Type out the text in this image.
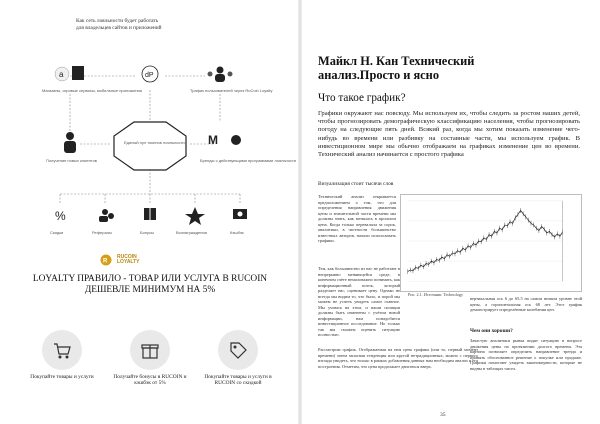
Как сеть лояльности будет работать для владельцев сайтов и приложений
a	dP
Магазины, игровые сервисы, мобильные приложения	Трафик пользователей через RuCoin Loyalty
Единый пул токенов лояльности
Получение новых клиентов
M
Бренды с действующими программами лояльности
%
Скидки	Рефералы	Бонусы	Вознаграждения	Кэшбэк
R
RUCOIN
LOYALTY
LOYALTY ПРАВИЛО - ТОВАР ИЛИ УСЛУГА В RUCOIN ДЕШЕВЛЕ МИНИМУМ НА 5%
Покупайте товары и услуги	Получайте бонусы в RUCOIN и кэшбэк от 5%
Покупайте товары и услуги в RUCOIN со скидкой
Майкл Н. Кан Технический анализ.Просто и ясно
Что такое график?
Графики окружают нас повсюду. Мы используем их, чтобы следить за ростом наших детей, чтобы прогнозировать демографическую классификацию населения, чтобы прогнозировать погоду на следующие пять дней. Всякий раз, когда мы хотим показать изменение чего-нибудь во времени или разбивку на составные части, мы используем график. В инвестиционном мире мы обычно отображаем на графиках изменение цен во времени. Технический анализ начинается с простого графика
Визуализация стоит тысячи слов
Технический анализ открывается предположением о том, что для определения направления движения цены и значительной части времени мы должны знать, как менялась в прошлом цена. Когда только перевалила за сорок, аналитики, в частности большинство известных авторов, начали использовать графики.
Тем, как большинство из нас не работают в непрерывно меняющейся среде, в конечном счёте немаловажно понимать, как информационный поток, который разделяет нас, оценивает цену. Однако не всегда мы видим то, что было, и порой мы можем не успеть увидеть самое главное. Мы учимся на этом, и наши позиции должны быть изменены с учётом новой информации, нам понадобится инвестиционное исследование. Но только так мы сможем оценить ситуацию полностью.
Рассмотрим график. Отображаемая на нем цена графика (или то, первый момент времени) затем запасная тенденция или кругой нетрадиционных, можно с первого взгляда увидеть, что только в рамках добавления данных нам необходим анализ и его построения. Отметим, что цена продолжает двигаться вверх.
вертикальная ось 6 до 65,5 на самом низком уровне этой цены, а горизонтальная ось 68 лет. Этот график демонстрирует определённые колебания цен.
Чем они хороши?
Зачастую аналитики рынка видят ситуацию в вопросе движения цены на протяжении долгого времени. Эта картина позволяет определить направление тренда и принять обоснованное решение о покупке или продаже. Графики помогают увидеть закономерности, которые не видны в таблицах чисел.
Рис. 2.1. Источник: Technology
35
